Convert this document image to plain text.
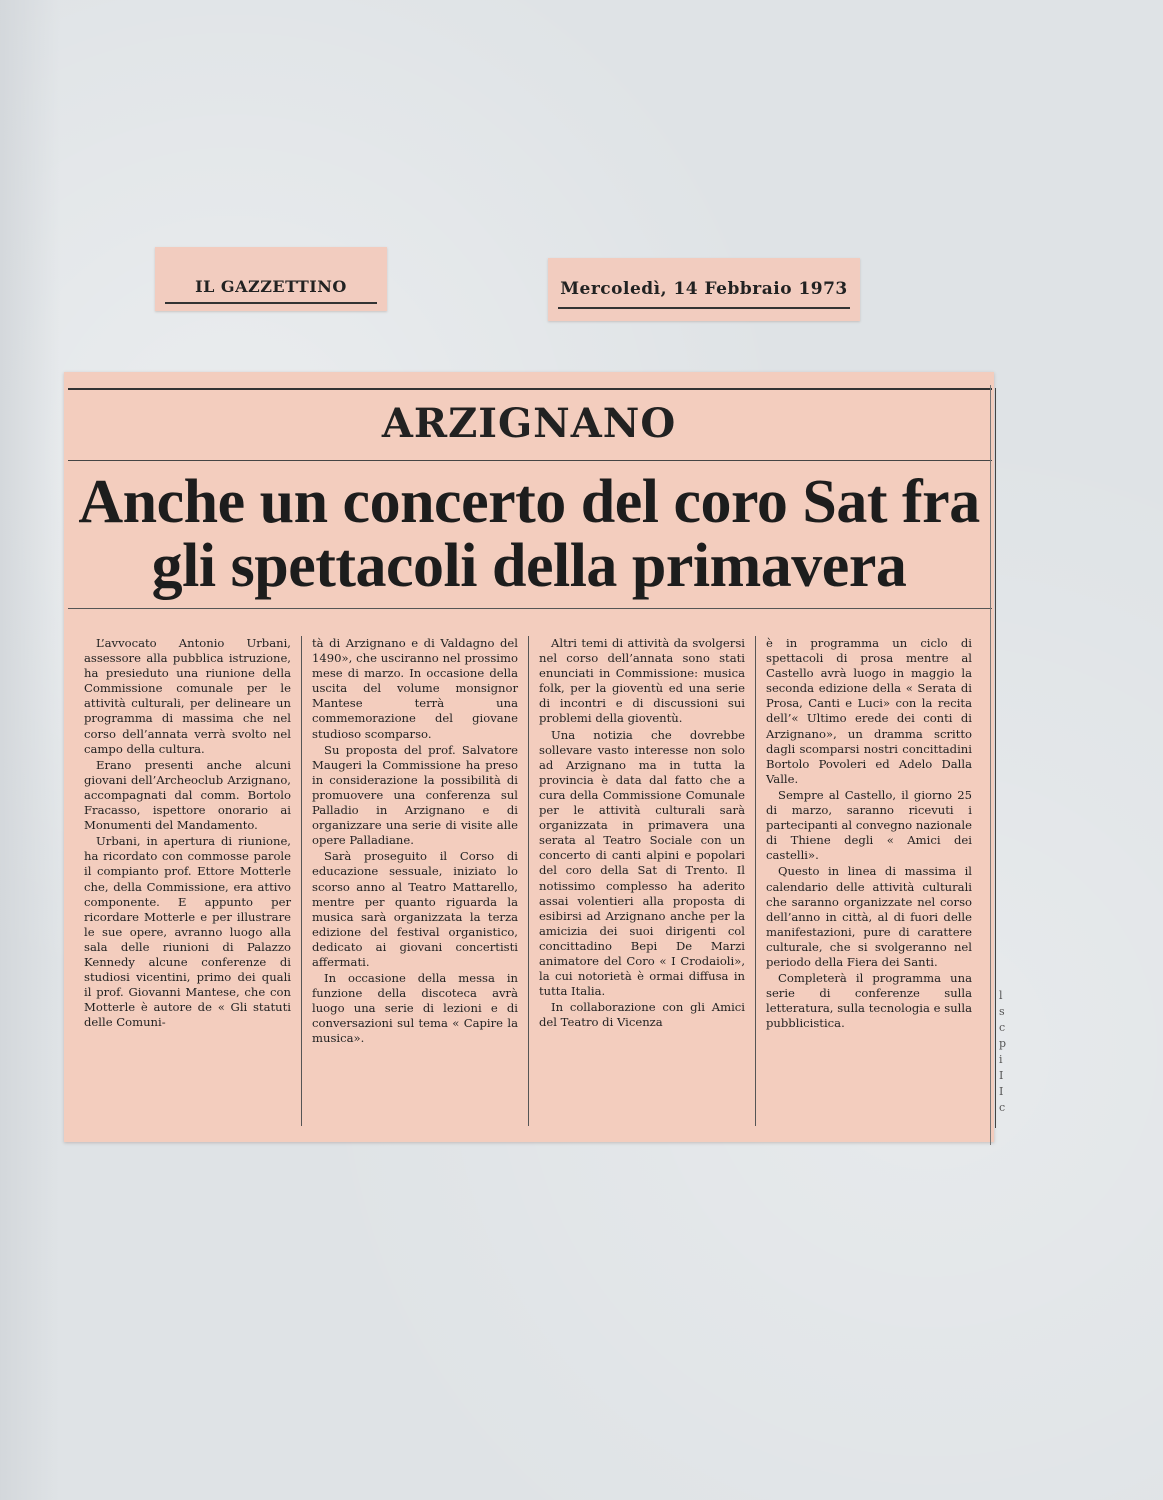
IL GAZZETTINO	Mercoledì, 14 Febbraio 1973
ARZIGNANO
Anche un concerto del coro Sat fra gli spettacoli della primavera

L’avvocato Antonio Urbani, assessore alla pubblica istruzione, ha presieduto una riunione della Commissione comunale per le attività culturali, per delineare un programma di massima che nel corso dell’annata verrà svolto nel campo della cultura.

Erano presenti anche alcuni giovani dell’Archeoclub Arzignano, accompagnati dal comm. Bortolo Fracasso, ispettore onorario ai Monumenti del Mandamento.

Urbani, in apertura di riunione, ha ricordato con commosse parole il compianto prof. Ettore Motterle che, della Commissione, era attivo componente. E appunto per ricordare Motterle e per illustrare le sue opere, avranno luogo alla sala delle riunioni di Palazzo Kennedy alcune conferenze di studiosi vicentini, primo dei quali il prof. Giovanni Mantese, che con Motterle è autore de « Gli statuti delle Comuni-

tà di Arzignano e di Valdagno del 1490», che usciranno nel prossimo mese di marzo. In occasione della uscita del volume monsignor Mantese terrà una commemorazione del giovane studioso scomparso.

Su proposta del prof. Salvatore Maugeri la Commissione ha preso in considerazione la possibilità di promuovere una conferenza sul Palladio in Arzignano e di organizzare una serie di visite alle opere Palladiane.

Sarà proseguito il Corso di educazione sessuale, iniziato lo scorso anno al Teatro Mattarello, mentre per quanto riguarda la musica sarà organizzata la terza edizione del festival organistico, dedicato ai giovani concertisti affermati.

In occasione della messa in funzione della discoteca avrà luogo una serie di lezioni e di conversazioni sul tema « Capire la musica».

Altri temi di attività da svolgersi nel corso dell’annata sono stati enunciati in Commissione: musica folk, per la gioventù ed una serie di incontri e di discussioni sui problemi della gioventù.

Una notizia che dovrebbe sollevare vasto interesse non solo ad Arzignano ma in tutta la provincia è data dal fatto che a cura della Commissione Comunale per le attività culturali sarà organizzata in primavera una serata al Teatro Sociale con un concerto di canti alpini e popolari del coro della Sat di Trento. Il notissimo complesso ha aderito assai volentieri alla proposta di esibirsi ad Arzignano anche per la amicizia dei suoi dirigenti col concittadino Bepi De Marzi animatore del Coro « I Crodaioli», la cui notorietà è ormai diffusa in tutta Italia.

In collaborazione con gli Amici del Teatro di Vicenza

è in programma un ciclo di spettacoli di prosa mentre al Castello avrà luogo in maggio la seconda edizione della « Serata di Prosa, Canti e Luci» con la recita dell’« Ultimo erede dei conti di Arzignano», un dramma scritto dagli scomparsi nostri concittadini Bortolo Povoleri ed Adelo Dalla Valle.

Sempre al Castello, il giorno 25 di marzo, saranno ricevuti i partecipanti al convegno nazionale di Thiene degli « Amici dei castelli».

Questo in linea di massima il calendario delle attività culturali che saranno organizzate nel corso dell’anno in città, al di fuori delle manifestazioni, pure di carattere culturale, che si svolgeranno nel periodo della Fiera dei Santi.

Completerà il programma una serie di conferenze sulla letteratura, sulla tecnologia e sulla pubblicistica.

l
s
c
p
i
I
I
c
